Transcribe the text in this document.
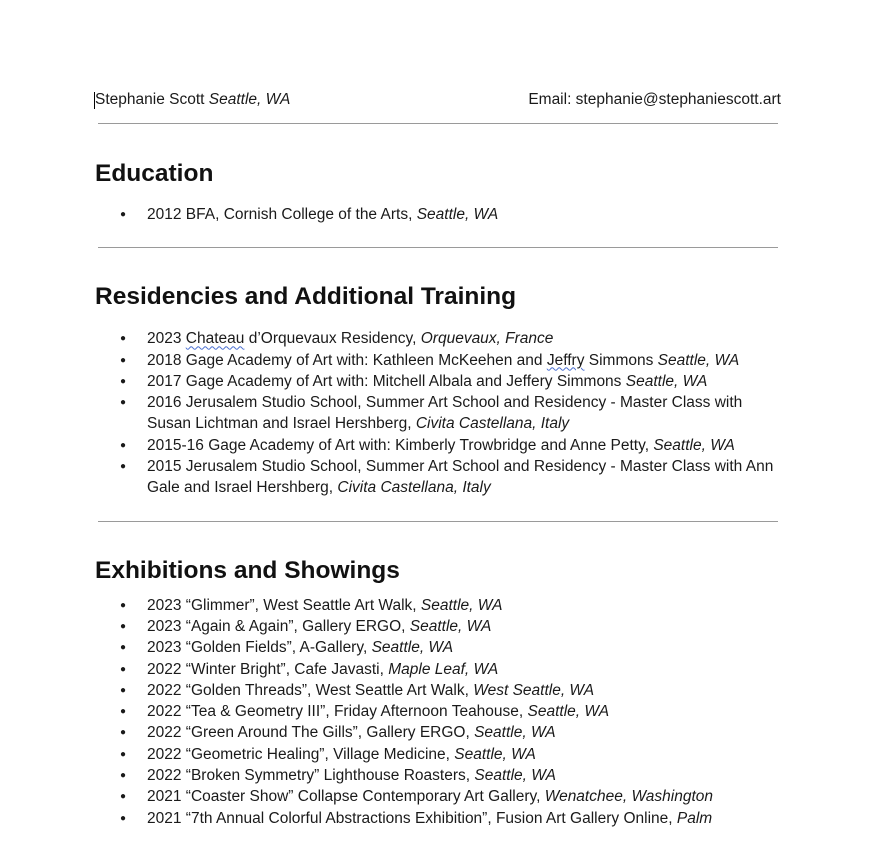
Stephanie Scott Seattle, WA	Email: stephanie@stephaniescott.art
Education
● 2012 BFA, Cornish College of the Arts, Seattle, WA
Residencies and Additional Training
● 2023 Chateau d’Orquevaux Residency, Orquevaux, France
● 2018 Gage Academy of Art with: Kathleen McKeehen and Jeffry Simmons Seattle, WA
● 2017 Gage Academy of Art with: Mitchell Albala and Jeffery Simmons Seattle, WA
● 2016 Jerusalem Studio School, Summer Art School and Residency - Master Class with Susan Lichtman and Israel Hershberg, Civita Castellana, Italy
● 2015-16 Gage Academy of Art with: Kimberly Trowbridge and Anne Petty, Seattle, WA
● 2015 Jerusalem Studio School, Summer Art School and Residency - Master Class with Ann Gale and Israel Hershberg, Civita Castellana, Italy
Exhibitions and Showings
● 2023 “Glimmer”, West Seattle Art Walk, Seattle, WA
● 2023 “Again & Again”, Gallery ERGO, Seattle, WA
● 2023 “Golden Fields”, A-Gallery, Seattle, WA
● 2022 “Winter Bright”, Cafe Javasti, Maple Leaf, WA
● 2022 “Golden Threads”, West Seattle Art Walk, West Seattle, WA
● 2022 “Tea & Geometry III”, Friday Afternoon Teahouse, Seattle, WA
● 2022 “Green Around The Gills”, Gallery ERGO, Seattle, WA
● 2022 “Geometric Healing”, Village Medicine, Seattle, WA
● 2022 “Broken Symmetry” Lighthouse Roasters, Seattle, WA
● 2021 “Coaster Show” Collapse Contemporary Art Gallery, Wenatchee, Washington
● 2021 “7th Annual Colorful Abstractions Exhibition”, Fusion Art Gallery Online, Palm
